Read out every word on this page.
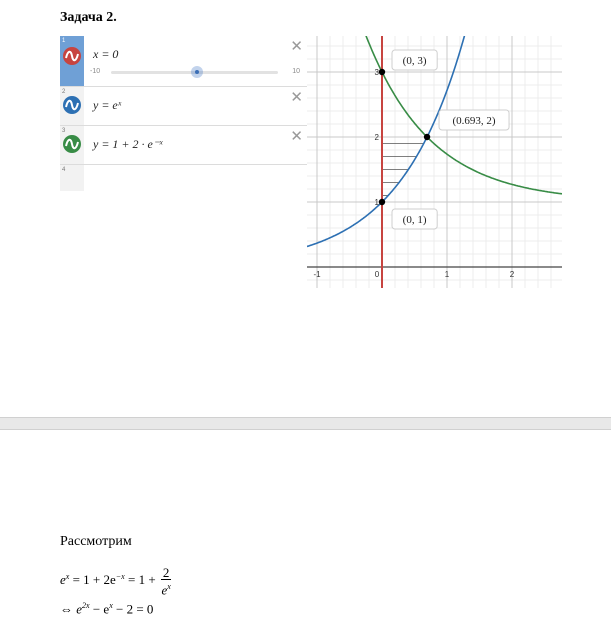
Задача 2.
1
x = 0	✕
-10	10
2
y = eˣ	✕
3
y = 1 + 2 · e⁻ˣ	✕
4
-1	0	1	2
1
2
3
(0, 3)
(0.693, 2)
(0, 1)
Рассмотрим
$e^x = 1 + 2e^{-x} = 1 + \frac{2}{e^x}$
⇔ $e^{2x} - e^x - 2 = 0$
